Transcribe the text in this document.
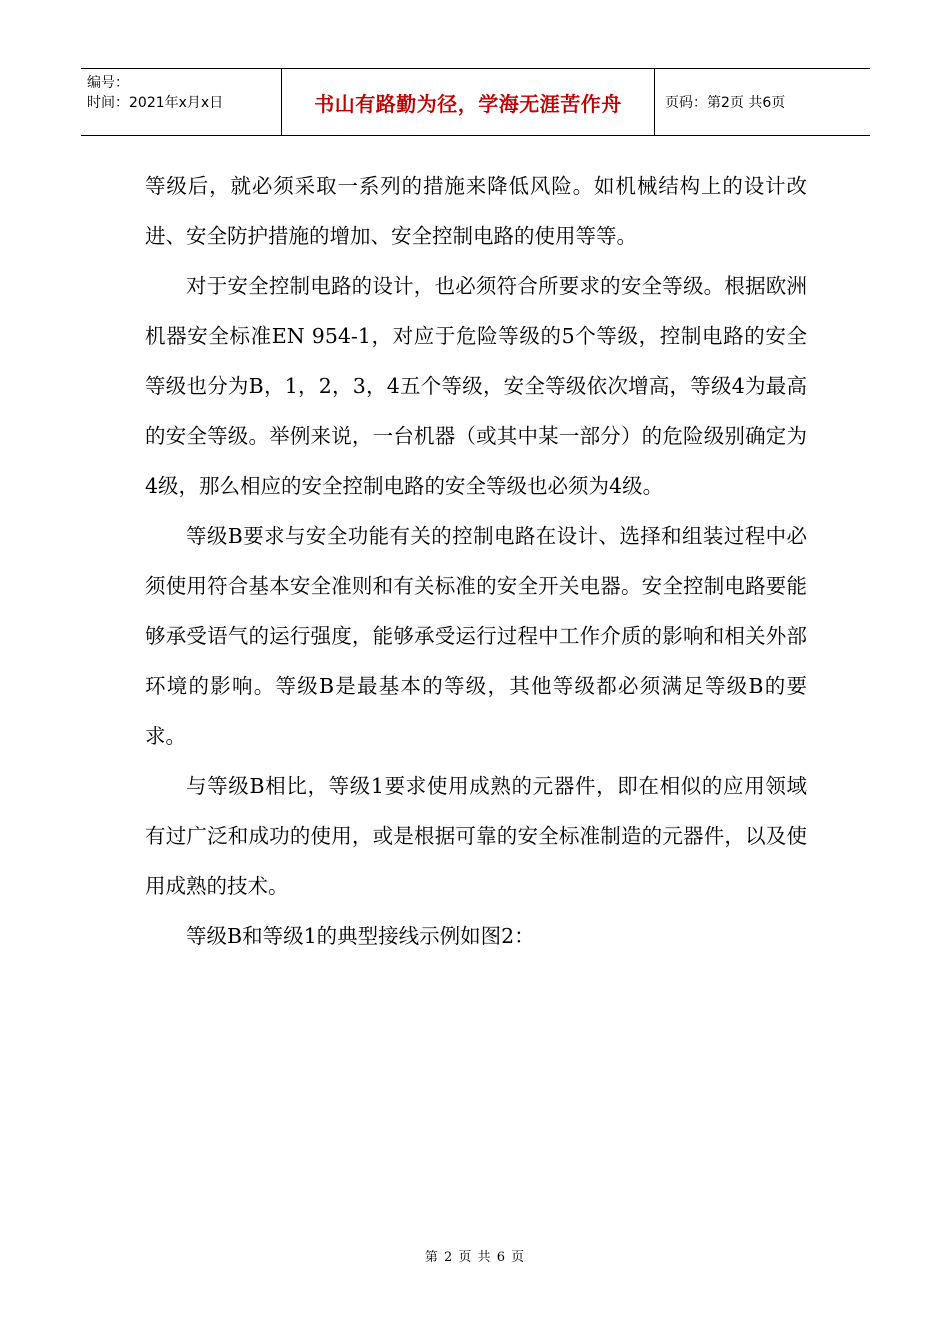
编号：
时间：2021年x月x日	书山有路勤为径，学海无涯苦作舟	页码：第2页 共6页

等级后，就必须采取一系列的措施来降低风险。如机械结构上的设计改进、安全防护措施的增加、安全控制电路的使用等等。

对于安全控制电路的设计，也必须符合所要求的安全等级。根据欧洲机器安全标准EN 954-1，对应于危险等级的5个等级，控制电路的安全等级也分为B，1，2，3，4五个等级，安全等级依次增高，等级4为最高的安全等级。举例来说，一台机器（或其中某一部分）的危险级别确定为4级，那么相应的安全控制电路的安全等级也必须为4级。

等级B要求与安全功能有关的控制电路在设计、选择和组装过程中必须使用符合基本安全准则和有关标准的安全开关电器。安全控制电路要能够承受语气的运行强度，能够承受运行过程中工作介质的影响和相关外部环境的影响。等级B是最基本的等级，其他等级都必须满足等级B的要求。

与等级B相比，等级1要求使用成熟的元器件，即在相似的应用领域有过广泛和成功的使用，或是根据可靠的安全标准制造的元器件，以及使用成熟的技术。

等级B和等级1的典型接线示例如图2：

第 2 页 共 6 页
